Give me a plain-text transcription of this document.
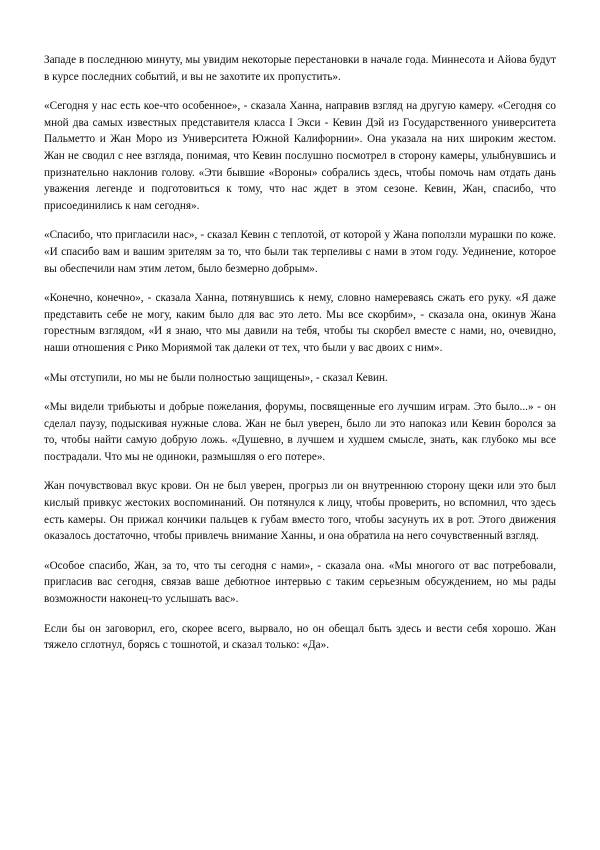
Западе в последнюю минуту, мы увидим некоторые перестановки в начале года. Миннесота и Айова будут в курсе последних событий, и вы не захотите их пропустить».

«Сегодня у нас есть кое-что особенное», - сказала Ханна, направив взгляд на другую камеру. «Сегодня со мной два самых известных представителя класса I Экси - Кевин Дэй из Государственного университета Пальметто и Жан Моро из Университета Южной Калифорнии». Она указала на них широким жестом. Жан не сводил с нее взгляда, понимая, что Кевин послушно посмотрел в сторону камеры, улыбнувшись и признательно наклонив голову. «Эти бывшие «Вороны» собрались здесь, чтобы помочь нам отдать дань уважения легенде и подготовиться к тому, что нас ждет в этом сезоне. Кевин, Жан, спасибо, что присоединились к нам сегодня».

«Спасибо, что пригласили нас», - сказал Кевин с теплотой, от которой у Жана поползли мурашки по коже. «И спасибо вам и вашим зрителям за то, что были так терпеливы с нами в этом году. Уединение, которое вы обеспечили нам этим летом, было безмерно добрым».

«Конечно, конечно», - сказала Ханна, потянувшись к нему, словно намереваясь сжать его руку. «Я даже представить себе не могу, каким было для вас это лето. Мы все скорбим», - сказала она, окинув Жана горестным взглядом, «И я знаю, что мы давили на тебя, чтобы ты скорбел вместе с нами, но, очевидно, наши отношения с Рико Мориямой так далеки от тех, что были у вас двоих с ним».

«Мы отступили, но мы не были полностью защищены», - сказал Кевин.

«Мы видели трибьюты и добрые пожелания, форумы, посвященные его лучшим играм. Это было...» - он сделал паузу, подыскивая нужные слова. Жан не был уверен, было ли это напоказ или Кевин боролся за то, чтобы найти самую добрую ложь. «Душевно, в лучшем и худшем смысле, знать, как глубоко мы все пострадали. Что мы не одиноки, размышляя о его потере».

Жан почувствовал вкус крови. Он не был уверен, прогрыз ли он внутреннюю сторону щеки или это был кислый привкус жестоких воспоминаний. Он потянулся к лицу, чтобы проверить, но вспомнил, что здесь есть камеры. Он прижал кончики пальцев к губам вместо того, чтобы засунуть их в рот. Этого движения оказалось достаточно, чтобы привлечь внимание Ханны, и она обратила на него сочувственный взгляд.

«Особое спасибо, Жан, за то, что ты сегодня с нами», - сказала она. «Мы многого от вас потребовали, пригласив вас сегодня, связав ваше дебютное интервью с таким серьезным обсуждением, но мы рады возможности наконец-то услышать вас».

Если бы он заговорил, его, скорее всего, вырвало, но он обещал быть здесь и вести себя хорошо. Жан тяжело сглотнул, борясь с тошнотой, и сказал только: «Да».
